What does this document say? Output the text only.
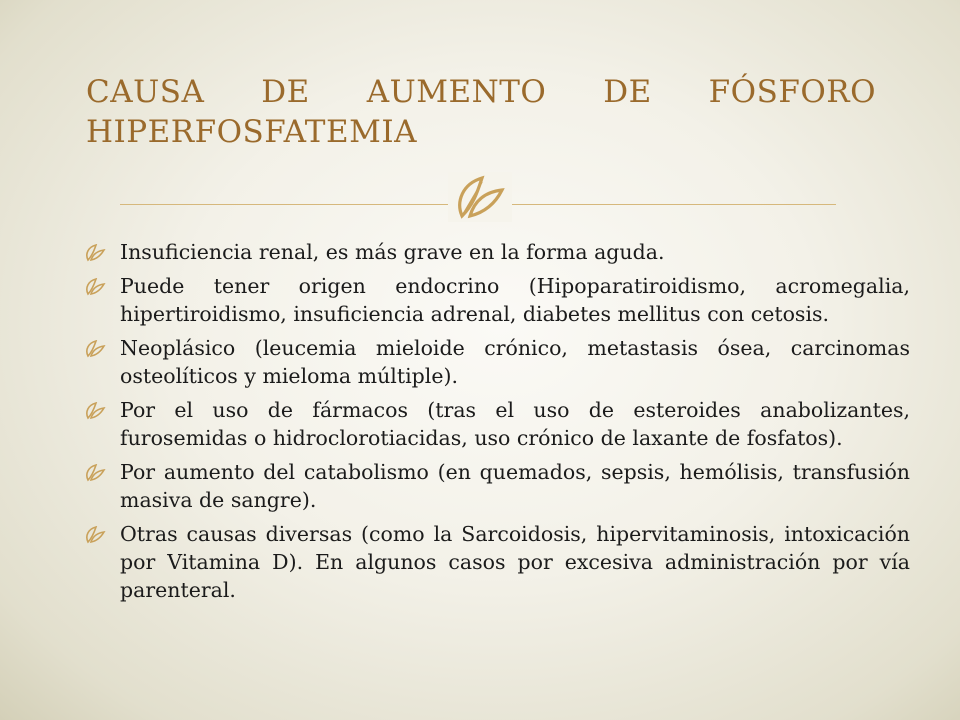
CAUSA DE AUMENTO DE FÓSFORO
HIPERFOSFATEMIA
Insuficiencia renal, es más grave en la forma aguda.
Puede tener origen endocrino (Hipoparatiroidismo, acromegalia, hipertiroidismo, insuficiencia adrenal, diabetes mellitus con cetosis.
Neoplásico (leucemia mieloide crónico, metastasis ósea, carcinomas osteolíticos y mieloma múltiple).
Por el uso de fármacos (tras el uso de esteroides anabolizantes, furosemidas o hidroclorotiacidas, uso crónico de laxante de fosfatos).
Por aumento del catabolismo (en quemados, sepsis, hemólisis, transfusión masiva de sangre).
Otras causas diversas (como la Sarcoidosis, hipervitaminosis, intoxicación por Vitamina D). En algunos casos por excesiva administración por vía parenteral.
